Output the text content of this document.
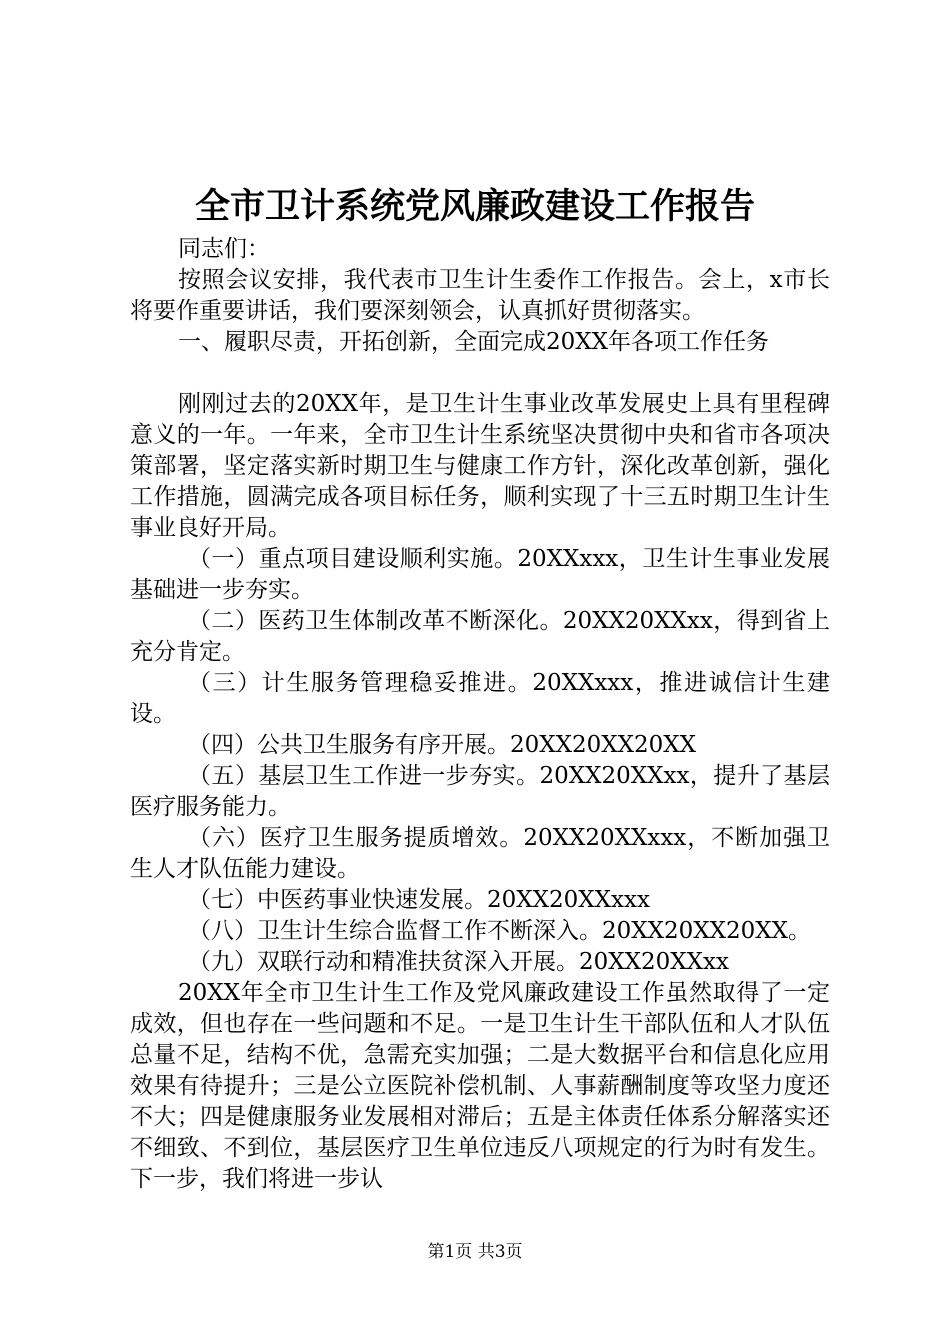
全市卫计系统党风廉政建设工作报告

同志们：

按照会议安排，我代表市卫生计生委作工作报告。会上，x市长将要作重要讲话，我们要深刻领会，认真抓好贯彻落实。

一、履职尽责，开拓创新，全面完成20XX年各项工作任务

刚刚过去的20XX年，是卫生计生事业改革发展史上具有里程碑意义的一年。一年来，全市卫生计生系统坚决贯彻中央和省市各项决策部署，坚定落实新时期卫生与健康工作方针，深化改革创新，强化工作措施，圆满完成各项目标任务，顺利实现了十三五时期卫生计生事业良好开局。

（一）重点项目建设顺利实施。20XXxxx，卫生计生事业发展基础进一步夯实。

（二）医药卫生体制改革不断深化。20XX20XXxx，得到省上充分肯定。

（三）计生服务管理稳妥推进。20XXxxx，推进诚信计生建设。

（四）公共卫生服务有序开展。20XX20XX20XX

（五）基层卫生工作进一步夯实。20XX20XXxx，提升了基层医疗服务能力。

（六）医疗卫生服务提质增效。20XX20XXxxx，不断加强卫生人才队伍能力建设。

（七）中医药事业快速发展。20XX20XXxxx

（八）卫生计生综合监督工作不断深入。20XX20XX20XX。

（九）双联行动和精准扶贫深入开展。20XX20XXxx

20XX年全市卫生计生工作及党风廉政建设工作虽然取得了一定成效，但也存在一些问题和不足。一是卫生计生干部队伍和人才队伍总量不足，结构不优，急需充实加强；二是大数据平台和信息化应用效果有待提升；三是公立医院补偿机制、人事薪酬制度等攻坚力度还不大；四是健康服务业发展相对滞后；五是主体责任体系分解落实还不细致、不到位，基层医疗卫生单位违反八项规定的行为时有发生。下一步，我们将进一步认

第1页 共3页
